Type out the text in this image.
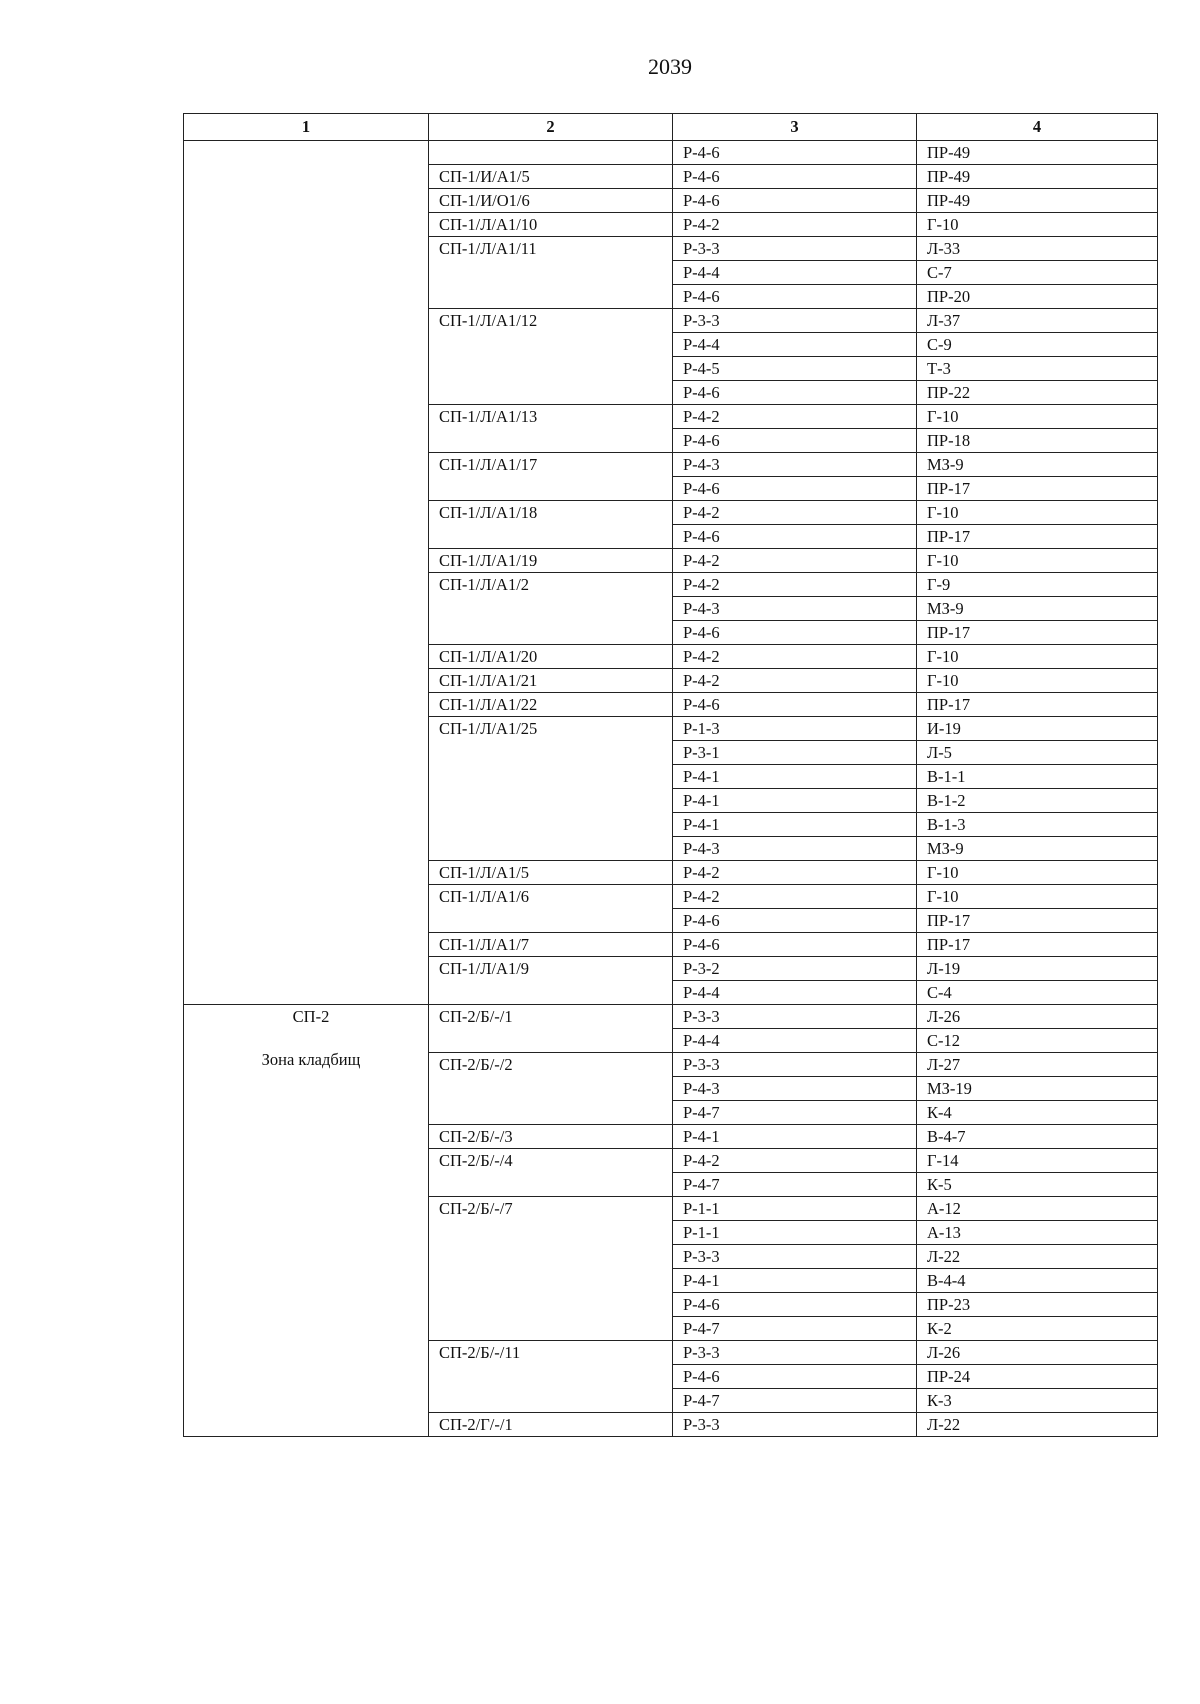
2039
1	2	3	4

		Р-4-6	ПР-49
	СП-1/И/А1/5	Р-4-6	ПР-49
	СП-1/И/О1/6	Р-4-6	ПР-49
	СП-1/Л/А1/10	Р-4-2	Г-10
	СП-1/Л/А1/11	Р-3-3	Л-33
		Р-4-4	С-7
		Р-4-6	ПР-20
	СП-1/Л/А1/12	Р-3-3	Л-37
		Р-4-4	С-9
		Р-4-5	Т-3
		Р-4-6	ПР-22
	СП-1/Л/А1/13	Р-4-2	Г-10
		Р-4-6	ПР-18
	СП-1/Л/А1/17	Р-4-3	МЗ-9
		Р-4-6	ПР-17
	СП-1/Л/А1/18	Р-4-2	Г-10
		Р-4-6	ПР-17
	СП-1/Л/А1/19	Р-4-2	Г-10
	СП-1/Л/А1/2	Р-4-2	Г-9
		Р-4-3	МЗ-9
		Р-4-6	ПР-17
	СП-1/Л/А1/20	Р-4-2	Г-10
	СП-1/Л/А1/21	Р-4-2	Г-10
	СП-1/Л/А1/22	Р-4-6	ПР-17
	СП-1/Л/А1/25	Р-1-3	И-19
		Р-3-1	Л-5
		Р-4-1	В-1-1
		Р-4-1	В-1-2
		Р-4-1	В-1-3
		Р-4-3	МЗ-9
	СП-1/Л/А1/5	Р-4-2	Г-10
	СП-1/Л/А1/6	Р-4-2	Г-10
		Р-4-6	ПР-17
	СП-1/Л/А1/7	Р-4-6	ПР-17
	СП-1/Л/А1/9	Р-3-2	Л-19
		Р-4-4	С-4

СП-2
Зона кладбищ	СП-2/Б/-/1	Р-3-3	Л-26
		Р-4-4	С-12
	СП-2/Б/-/2	Р-3-3	Л-27
		Р-4-3	МЗ-19
		Р-4-7	К-4
	СП-2/Б/-/3	Р-4-1	В-4-7
	СП-2/Б/-/4	Р-4-2	Г-14
		Р-4-7	К-5
	СП-2/Б/-/7	Р-1-1	А-12
		Р-1-1	А-13
		Р-3-3	Л-22
		Р-4-1	В-4-4
		Р-4-6	ПР-23
		Р-4-7	К-2
	СП-2/Б/-/11	Р-3-3	Л-26
		Р-4-6	ПР-24
		Р-4-7	К-3
	СП-2/Г/-/1	Р-3-3	Л-22
